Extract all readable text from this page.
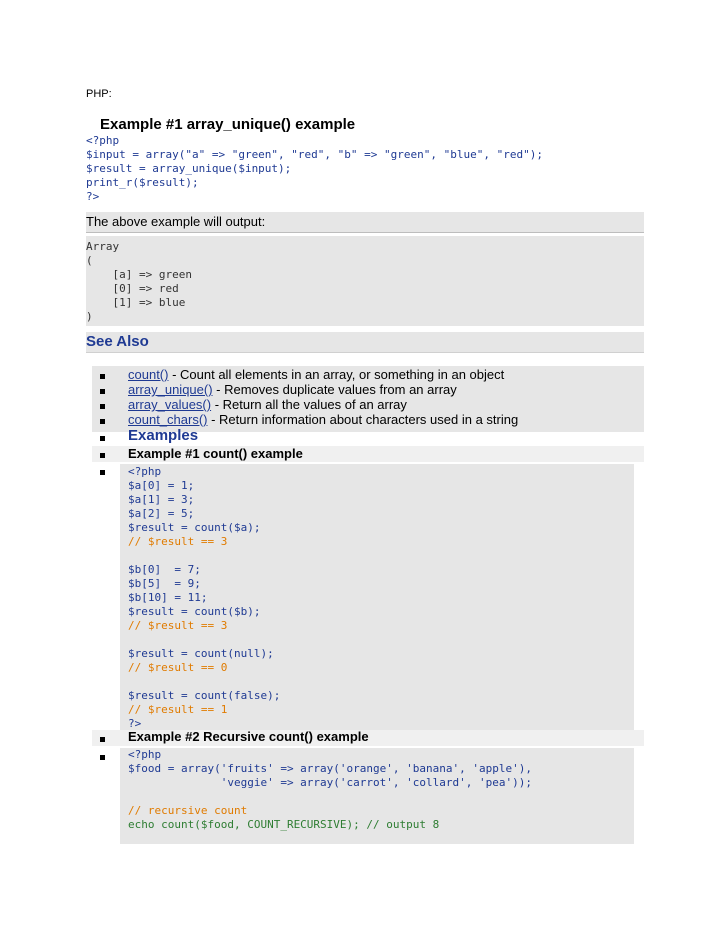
PHP:
Example #1 array_unique() example

<?php

$input = array("a" => "green", "red", "b" => "green", "blue", "red");

$result = array_unique($input);

print_r($result);

?>

The above example will output:

Array

(

[a] => green

[0] => red

[1] => blue

)

See Also
count() - Count all elements in an array, or something in an object
array_unique() - Removes duplicate values from an array
array_values() - Return all the values of an array
count_chars() - Return information about characters used in a string
Examples
Example #1 count() example

<?php

$a[0] = 1;

$a[1] = 3;

$a[2] = 5;

$result = count($a);

// $result == 3

$b[0]  = 7;

$b[5]  = 9;

$b[10] = 11;

$result = count($b);

// $result == 3

$result = count(null);

// $result == 0

$result = count(false);

// $result == 1

?>

Example #2 Recursive count() example

<?php

$food = array('fruits' => array('orange', 'banana', 'apple'),

'veggie' => array('carrot', 'collard', 'pea'));

// recursive count

echo count($food, COUNT_RECURSIVE); // output 8
